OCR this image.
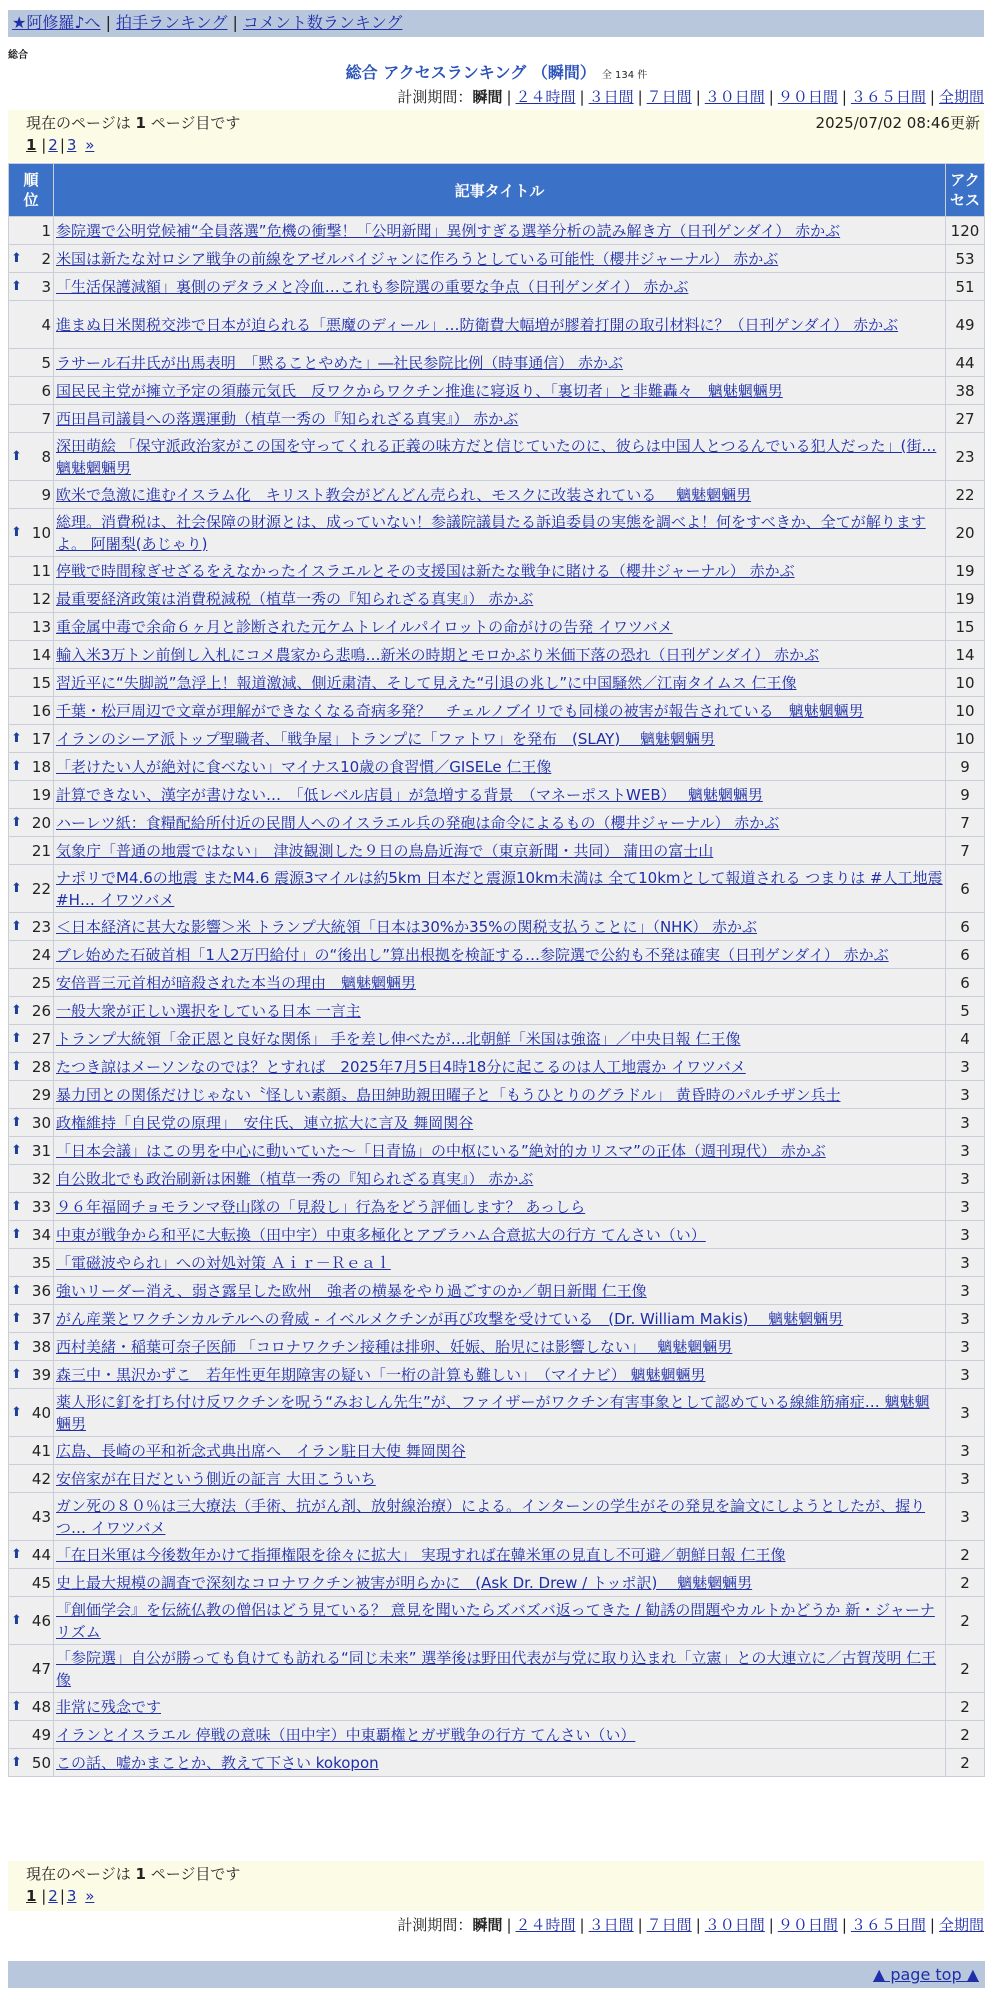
★阿修羅♪へ | 拍手ランキング | コメント数ランキング
総合
総合 アクセスランキング （瞬間） 全 134 件
計測期間：瞬間 | ２４時間 | ３日間 | ７日間 | ３０日間 | ９０日間 | ３６５日間 | 全期間
現在のページは 1 ページ目です	2025/07/02 08:46更新
1 | 2 | 3 »
順位	記事タイトル	アクセス
1	参院選で公明党候補“全員落選”危機の衝撃！「公明新聞」異例すぎる選挙分析の読み解き方（日刊ゲンダイ） 赤かぶ	120

⬆ 2	米国は新たな対ロシア戦争の前線をアゼルバイジャンに作ろうとしている可能性（櫻井ジャーナル） 赤かぶ	53

⬆ 3	「生活保護減額」裏側のデタラメと冷血…これも参院選の重要な争点（日刊ゲンダイ） 赤かぶ	51
4	進まぬ日米関税交渉で日本が迫られる「悪魔のディール」…防衛費大幅増が膠着打開の取引材料に？（日刊ゲンダイ） 赤かぶ	49
5	ラサール石井氏が出馬表明　「黙ることやめた」―社民参院比例（時事通信） 赤かぶ	44
6	国民民主党が擁立予定の須藤元気氏　反ワクからワクチン推進に寝返り、「裏切者」と非難轟々　魑魅魍魎男	38
7	西田昌司議員への落選運動（植草一秀の『知られざる真実』） 赤かぶ	27

⬆ 8	深田萌絵 「保守派政治家がこの国を守ってくれる正義の味方だと信じていたのに、彼らは中国人とつるんでいる犯人だった」(街… 魑魅魍魎男	23
9	欧米で急激に進むイスラム化　キリスト教会がどんどん売られ、モスクに改装されている　 魑魅魍魎男	22

⬆ 10	総理。消費税は、社会保障の財源とは、成っていない！参議院議員たる訴追委員の実態を調べよ！何をすべきか、全てが解りますよ。 阿闍梨(あじゃり)	20
11	停戦で時間稼ぎせざるをえなかったイスラエルとその支援国は新たな戦争に賭ける（櫻井ジャーナル） 赤かぶ	19
12	最重要経済政策は消費税減税（植草一秀の『知られざる真実』） 赤かぶ	19
13	重金属中毒で余命６ヶ月と診断された元ケムトレイルパイロットの命がけの告発 イワツバメ	15
14	輸入米3万トン前倒し入札にコメ農家から悲鳴…新米の時期とモロかぶり米価下落の恐れ（日刊ゲンダイ） 赤かぶ	14
15	習近平に“失脚説”急浮上！報道激減、側近粛清、そして見えた“引退の兆し”に中国騒然／江南タイムス 仁王像	10
16	千葉・松戸周辺で文章が理解ができなくなる奇病多発？　チェルノブイリでも同様の被害が報告されている　魑魅魍魎男	10

⬆ 17	イランのシーア派トップ聖職者、「戦争屋」トランプに「ファトワ」を発布　(SLAY)　 魑魅魍魎男	10

⬆ 18	「老けたい人が絶対に食べない」マイナス10歳の食習慣／GISELe 仁王像	9
19	計算できない、漢字が書けない…　「低レベル店員」が急増する背景　（マネーポストWEB）　 魑魅魍魎男	9

⬆ 20	ハーレツ紙：食糧配給所付近の民間人へのイスラエル兵の発砲は命令によるもの（櫻井ジャーナル） 赤かぶ	7
21	気象庁「普通の地震ではない」　津波観測した９日の鳥島近海で（東京新聞・共同） 蒲田の富士山	7

⬆ 22	ナポリでM4.6の地震 またM4.6 震源3マイルは約5km 日本だと震源10km未満は 全て10kmとして報道される つまりは #人工地震 #H… イワツバメ	6

⬆ 23	＜日本経済に甚大な影響＞米 トランプ大統領「日本は30%か35%の関税支払うことに」（NHK） 赤かぶ	6
24	ブレ始めた石破首相「1人2万円給付」の“後出し”算出根拠を検証する…参院選で公約も不発は確実（日刊ゲンダイ） 赤かぶ	6
25	安倍晋三元首相が暗殺された本当の理由　魑魅魍魎男	6

⬆ 26	一般大衆が正しい選択をしている日本 一言主	5

⬆ 27	トランプ大統領「金正恩と良好な関係」 手を差し伸べたが…北朝鮮「米国は強盗」／中央日報 仁王像	4

⬆ 28	たつき諒はメーソンなのでは？とすれば　2025年7月5日4時18分に起こるのは人工地震か イワツバメ	3
29	暴力団との関係だけじゃない〝怪しい素顔〟島田紳助親田曜子と「もうひとりのグラドル」 黄昏時のパルチザン兵士	3

⬆ 30	政権維持「自民党の原理」　安住氏、連立拡大に言及 舞岡関谷	3

⬆ 31	「日本会議」はこの男を中心に動いていた〜「日青協」の中枢にいる”絶対的カリスマ”の正体（週刊現代） 赤かぶ	3
32	自公敗北でも政治刷新は困難（植草一秀の『知られざる真実』） 赤かぶ	3

⬆ 33	９６年福岡チョモランマ登山隊の「見殺し」行為をどう評価します？ あっしら	3

⬆ 34	中東が戦争から和平に大転換（田中宇）中東多極化とアブラハム合意拡大の行方 てんさい（い）	3
35	「電磁波やられ」への対処対策 Ａｉｒ－Ｒｅａｌ	3

⬆ 36	強いリーダー消え、弱さ露呈した欧州　強者の横暴をやり過ごすのか／朝日新聞 仁王像	3

⬆ 37	がん産業とワクチンカルテルへの脅威 - イベルメクチンが再び攻撃を受けている　(Dr. William Makis)　 魑魅魍魎男	3

⬆ 38	西村美緒・稲葉可奈子医師 「コロナワクチン接種は排卵、妊娠、胎児には影響しない」　 魑魅魍魎男	3

⬆ 39	森三中・黒沢かずこ　若年性更年期障害の疑い「一桁の計算も難しい」　（マイナビ） 魑魅魍魎男	3

⬆ 40	薬人形に釘を打ち付け反ワクチンを呪う“みおしん先生”が、ファイザーがワクチン有害事象として認めている線維筋痛症… 魑魅魍魎男	3
41	広島、長崎の平和祈念式典出席へ　イラン駐日大使 舞岡関谷	3
42	安倍家が在日だという側近の証言 大田こういち	3
43	ガン死の８０％は三大療法（手術、抗がん剤、放射線治療）による。インターンの学生がその発見を論文にしようとしたが、握りつ… イワツバメ	3

⬆ 44	「在日米軍は今後数年かけて指揮権限を徐々に拡大」 実現すれば在韓米軍の見直し不可避／朝鮮日報 仁王像	2
45	史上最大規模の調査で深刻なコロナワクチン被害が明らかに　(Ask Dr. Drew / トッポ訳)　 魑魅魍魎男	2

⬆ 46	『創価学会』を伝統仏教の僧侶はどう見ている？ 意見を聞いたらズバズバ返ってきた / 勧誘の問題やカルトかどうか 新・ジャーナリズム	2
47	「参院選」自公が勝っても負けても訪れる“同じ未来” 選挙後は野田代表が与党に取り込まれ「立憲」との大連立に／古賀茂明 仁王像	2

⬆ 48	非常に残念です	2
49	イランとイスラエル 停戦の意味（田中宇）中東覇権とガザ戦争の行方 てんさい（い）	2

⬆ 50	この話、嘘かまことか、教えて下さい kokopon	2
現在のページは 1 ページ目です
1 | 2 | 3 »
計測期間：瞬間 | ２４時間 | ３日間 | ７日間 | ３０日間 | ９０日間 | ３６５日間 | 全期間
▲ page top ▲
